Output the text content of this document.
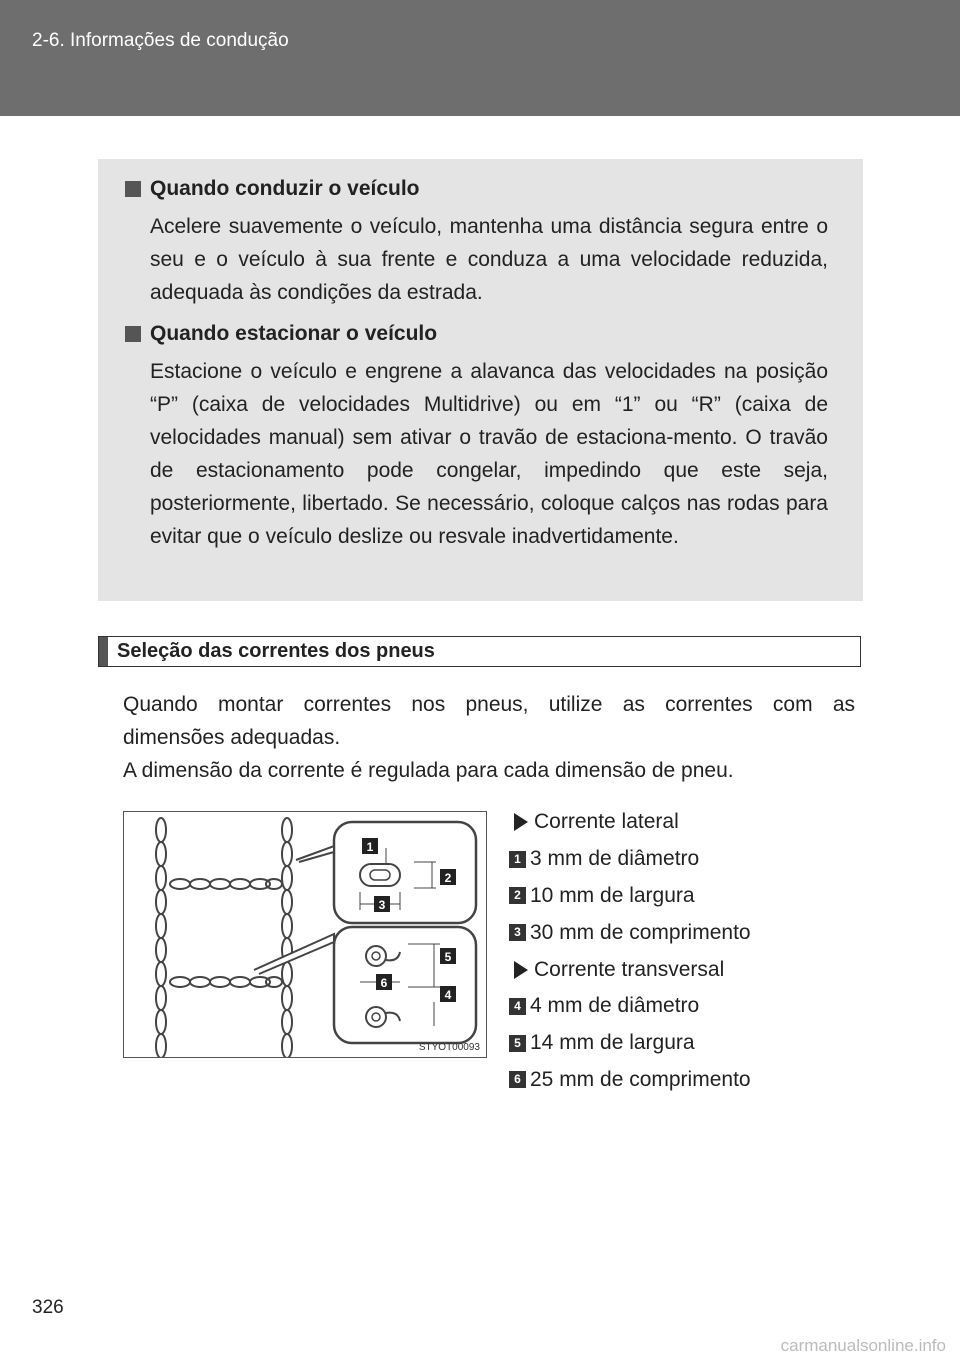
2-6. Informações de condução
Quando conduzir o veículo

Acelere suavemente o veículo, mantenha uma distância segura entre o seu e o veículo à sua frente e conduza a uma velocidade reduzida, adequada às condições da estrada.

Quando estacionar o veículo

Estacione o veículo e engrene a alavanca das velocidades na posição “P” (caixa de velocidades Multidrive) ou em “1” ou “R” (caixa de velocidades manual) sem ativar o travão de estaciona-mento. O travão de estacionamento pode congelar, impedindo que este seja, posteriormente, libertado. Se necessário, coloque calços nas rodas para evitar que o veículo deslize ou resvale inadvertidamente.

Seleção das correntes dos pneus

Quando montar correntes nos pneus, utilize as correntes com as
dimensões adequadas.
A dimensão da corrente é regulada para cada dimensão de pneu.

1
2
3
4
5
6
STYOT00093
Corrente lateral
1 3 mm de diâmetro
2 10 mm de largura
3 30 mm de comprimento
Corrente transversal
4 4 mm de diâmetro
5 14 mm de largura
6 25 mm de comprimento
326
carmanualsonline.info
